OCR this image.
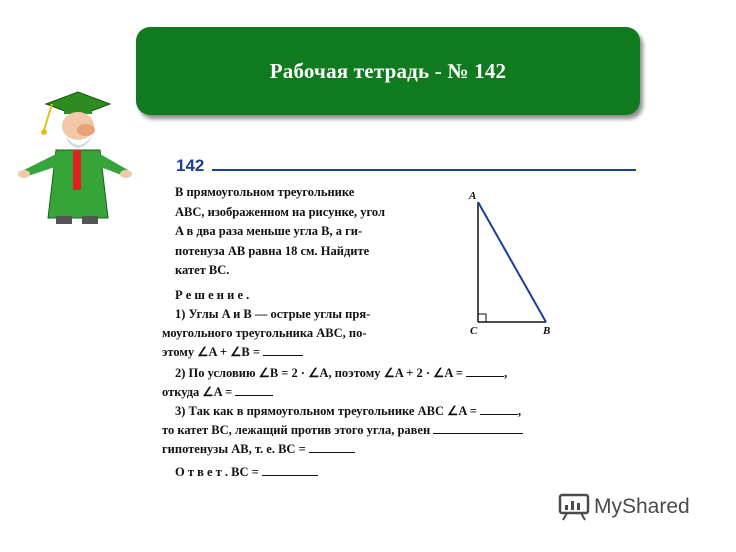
Рабочая тетрадь - № 142
142

В прямоугольном треугольнике

ABC, изображенном на рисунке, угол

A в два раза меньше угла B, а ги-

потенуза AB равна 18 см. Найдите

катет BC.

Р е ш е н и е .
1) Углы A и B — острые углы пря-
моугольного треугольника ABC, по-
этому ∠A + ∠B =
2) По условию ∠B = 2 · ∠A, поэтому ∠A + 2 · ∠A =	,
откуда ∠A =
3) Так как в прямоугольном треугольнике ABC ∠A =	,
то катет BC, лежащий против этого угла, равен
гипотенузы AB, т. е. BC =
О т в е т . BC =
A
C	B
MyShared
